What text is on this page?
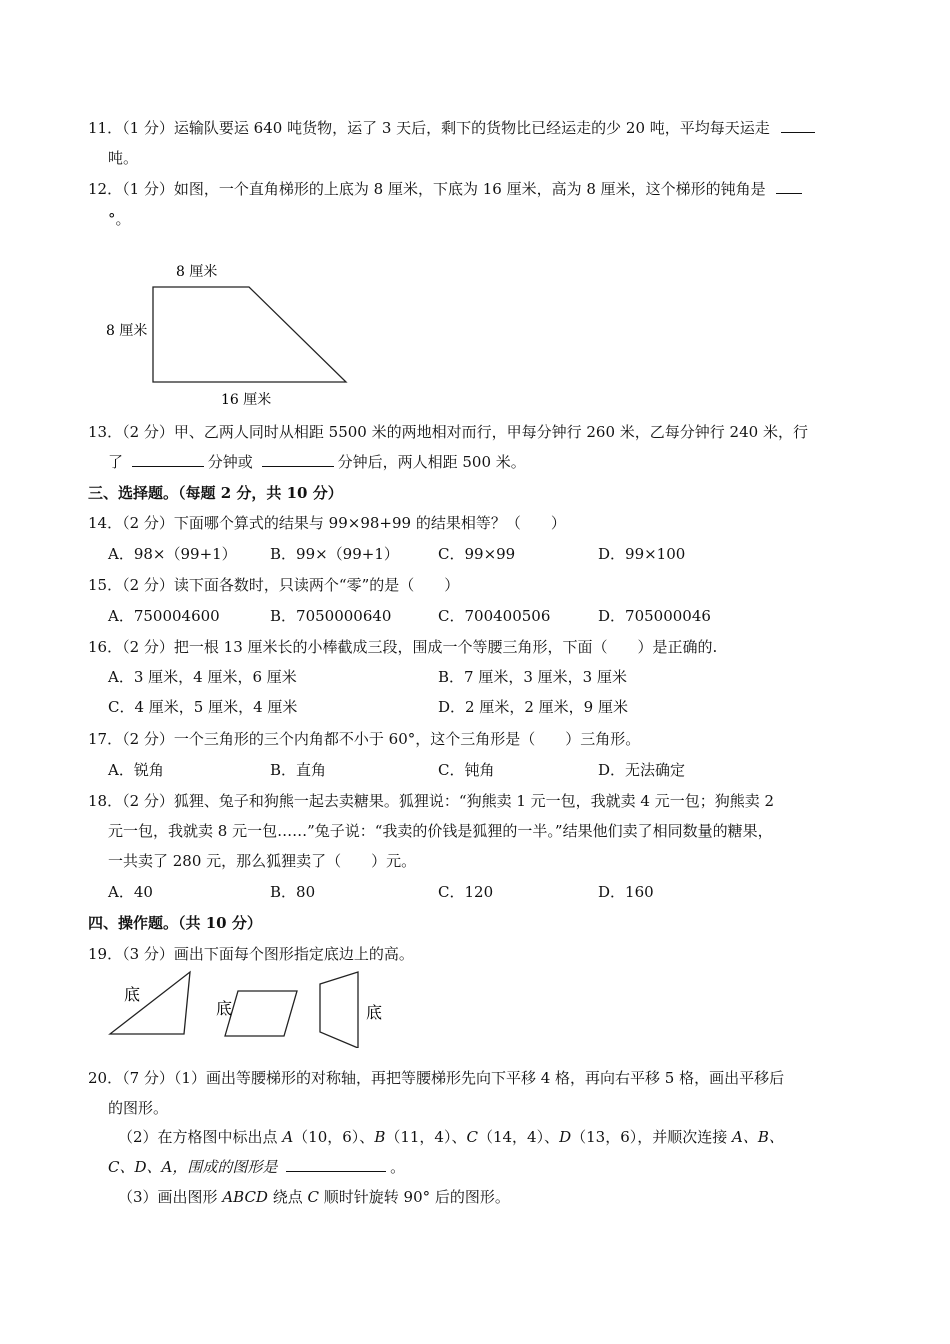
11．（1 分）运输队要运 640 吨货物，运了 3 天后，剩下的货物比已经运走的少 20 吨，平均每天运走
吨。
12．（1 分）如图，一个直角梯形的上底为 8 厘米，下底为 16 厘米，高为 8 厘米，这个梯形的钝角是
°。
8 厘米
8 厘米
16 厘米
13．（2 分）甲、乙两人同时从相距 5500 米的两地相对而行，甲每分钟行 260 米，乙每分钟行 240 米，行
了	分钟或	分钟后，两人相距 500 米。
三、选择题。（每题 2 分，共 10 分）
14．（2 分）下面哪个算式的结果与 99×98+99 的结果相等？（　　）
A．98×（99+1） B．99×（99+1）	C．99×99	D．99×100
15．（2 分）读下面各数时，只读两个“零”的是（　　）
A．750004600	B．7050000640	C．700400506	D．705000046
16．（2 分）把一根 13 厘米长的小棒截成三段，围成一个等腰三角形，下面（　　）是正确的.
A．3 厘米，4 厘米，6 厘米	B．7 厘米，3 厘米，3 厘米
C．4 厘米，5 厘米，4 厘米	D．2 厘米，2 厘米，9 厘米
17．（2 分）一个三角形的三个内角都不小于 60°，这个三角形是（　　）三角形。
A．锐角	B．直角	C．钝角	D．无法确定
18．（2 分）狐狸、兔子和狗熊一起去卖糖果。狐狸说：“狗熊卖 1 元一包，我就卖 4 元一包；狗熊卖 2
元一包，我就卖 8 元一包……”兔子说：“我卖的价钱是狐狸的一半。”结果他们卖了相同数量的糖果，
一共卖了 280 元，那么狐狸卖了（　　）元。
A．40	B．80	C．120	D．160
四、操作题。（共 10 分）
19．（3 分）画出下面每个图形指定底边上的高。
底
底	底
20．（7 分）（1）画出等腰梯形的对称轴，再把等腰梯形先向下平移 4 格，再向右平移 5 格，画出平移后
的图形。
（2）在方格图中标出点 A（10，6）、B（11，4）、C（14，4）、D（13，6），并顺次连接 A、B、
C、D、A，围成的图形是	。
（3）画出图形 ABCD 绕点 C 顺时针旋转 90° 后的图形。
